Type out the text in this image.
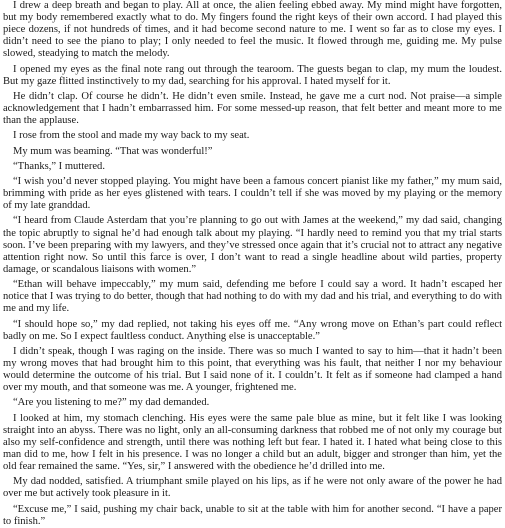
I drew a deep breath and began to play. All at once, the alien feeling ebbed away. My mind might have forgotten, but my body remembered exactly what to do. My fingers found the right keys of their own accord. I had played this piece dozens, if not hundreds of times, and it had become second nature to me. I went so far as to close my eyes. I didn’t need to see the piano to play; I only needed to feel the music. It flowed through me, guiding me. My pulse slowed, steadying to match the melody.

I opened my eyes as the final note rang out through the tearoom. The guests began to clap, my mum the loudest. But my gaze flitted instinctively to my dad, searching for his approval. I hated myself for it.

He didn’t clap. Of course he didn’t. He didn’t even smile. Instead, he gave me a curt nod. Not praise—a simple acknowledgement that I hadn’t embarrassed him. For some messed-up reason, that felt better and meant more to me than the applause.

I rose from the stool and made my way back to my seat.

My mum was beaming. “That was wonderful!”

“Thanks,” I muttered.

“I wish you’d never stopped playing. You might have been a famous concert pianist like my father,” my mum said, brimming with pride as her eyes glistened with tears. I couldn’t tell if she was moved by my playing or the memory of my late granddad.

“I heard from Claude Asterdam that you’re planning to go out with James at the weekend,” my dad said, changing the topic abruptly to signal he’d had enough talk about my playing. “I hardly need to remind you that my trial starts soon. I’ve been preparing with my lawyers, and they’ve stressed once again that it’s crucial not to attract any negative attention right now. So until this farce is over, I don’t want to read a single headline about wild parties, property damage, or scandalous liaisons with women.”

“Ethan will behave impeccably,” my mum said, defending me before I could say a word. It hadn’t escaped her notice that I was trying to do better, though that had nothing to do with my dad and his trial, and everything to do with me and my life.

“I should hope so,” my dad replied, not taking his eyes off me. “Any wrong move on Ethan’s part could reflect badly on me. So I expect faultless conduct. Anything else is unacceptable.”

I didn’t speak, though I was raging on the inside. There was so much I wanted to say to him—that it hadn’t been my wrong moves that had brought him to this point, that everything was his fault, that neither I nor my behaviour would determine the outcome of his trial. But I said none of it. I couldn’t. It felt as if someone had clamped a hand over my mouth, and that someone was me. A younger, frightened me.

“Are you listening to me?” my dad demanded.

I looked at him, my stomach clenching. His eyes were the same pale blue as mine, but it felt like I was looking straight into an abyss. There was no light, only an all-consuming darkness that robbed me of not only my courage but also my self-confidence and strength, until there was nothing left but fear. I hated it. I hated what being close to this man did to me, how I felt in his presence. I was no longer a child but an adult, bigger and stronger than him, yet the old fear remained the same. “Yes, sir,” I answered with the obedience he’d drilled into me.

My dad nodded, satisfied. A triumphant smile played on his lips, as if he were not only aware of the power he had over me but actively took pleasure in it.

“Excuse me,” I said, pushing my chair back, unable to sit at the table with him for another second. “I have a paper to finish.”
